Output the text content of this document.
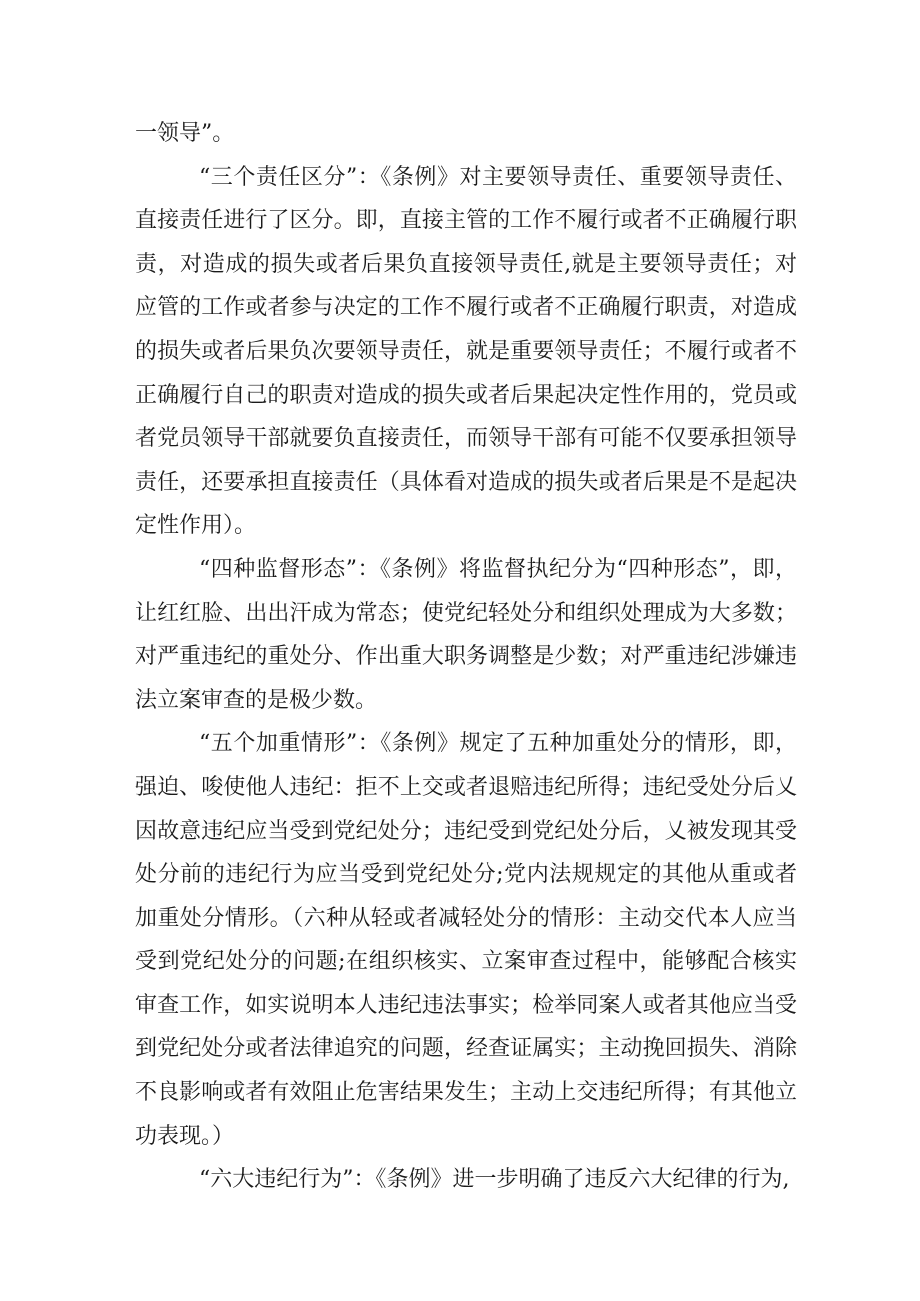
一领导”。

“三个责任区分”：《条例》对主要领导责任、重要领导责任、直接责任进行了区分。即，直接主管的工作不履行或者不正确履行职责，对造成的损失或者后果负直接领导责任,就是主要领导责任；对应管的工作或者参与决定的工作不履行或者不正确履行职责，对造成的损失或者后果负次要领导责任，就是重要领导责任；不履行或者不正确履行自己的职责对造成的损失或者后果起决定性作用的，党员或者党员领导干部就要负直接责任，而领导干部有可能不仅要承担领导责任，还要承担直接责任（具体看对造成的损失或者后果是不是起决定性作用）。

“四种监督形态”：《条例》将监督执纪分为“四种形态”，即，让红红脸、出出汗成为常态；使党纪轻处分和组织处理成为大多数；对严重违纪的重处分、作出重大职务调整是少数；对严重违纪涉嫌违法立案审查的是极少数。

“五个加重情形”：《条例》规定了五种加重处分的情形，即，强迫、唆使他人违纪：拒不上交或者退赔违纪所得；违纪受处分后乂因故意违纪应当受到党纪处分；违纪受到党纪处分后，乂被发现其受处分前的违纪行为应当受到党纪处分;党内法规规定的其他从重或者加重处分情形。（六种从轻或者减轻处分的情形：主动交代本人应当受到党纪处分的问题;在组织核实、立案审查过程中，能够配合核实审查工作，如实说明本人违纪违法事实；检举同案人或者其他应当受到党纪处分或者法律追究的问题，经查证属实；主动挽回损失、消除不良影响或者有效阻止危害结果发生；主动上交违纪所得；有其他立功表现。）

“六大违纪行为”：《条例》进一步明确了违反六大纪律的行为,
